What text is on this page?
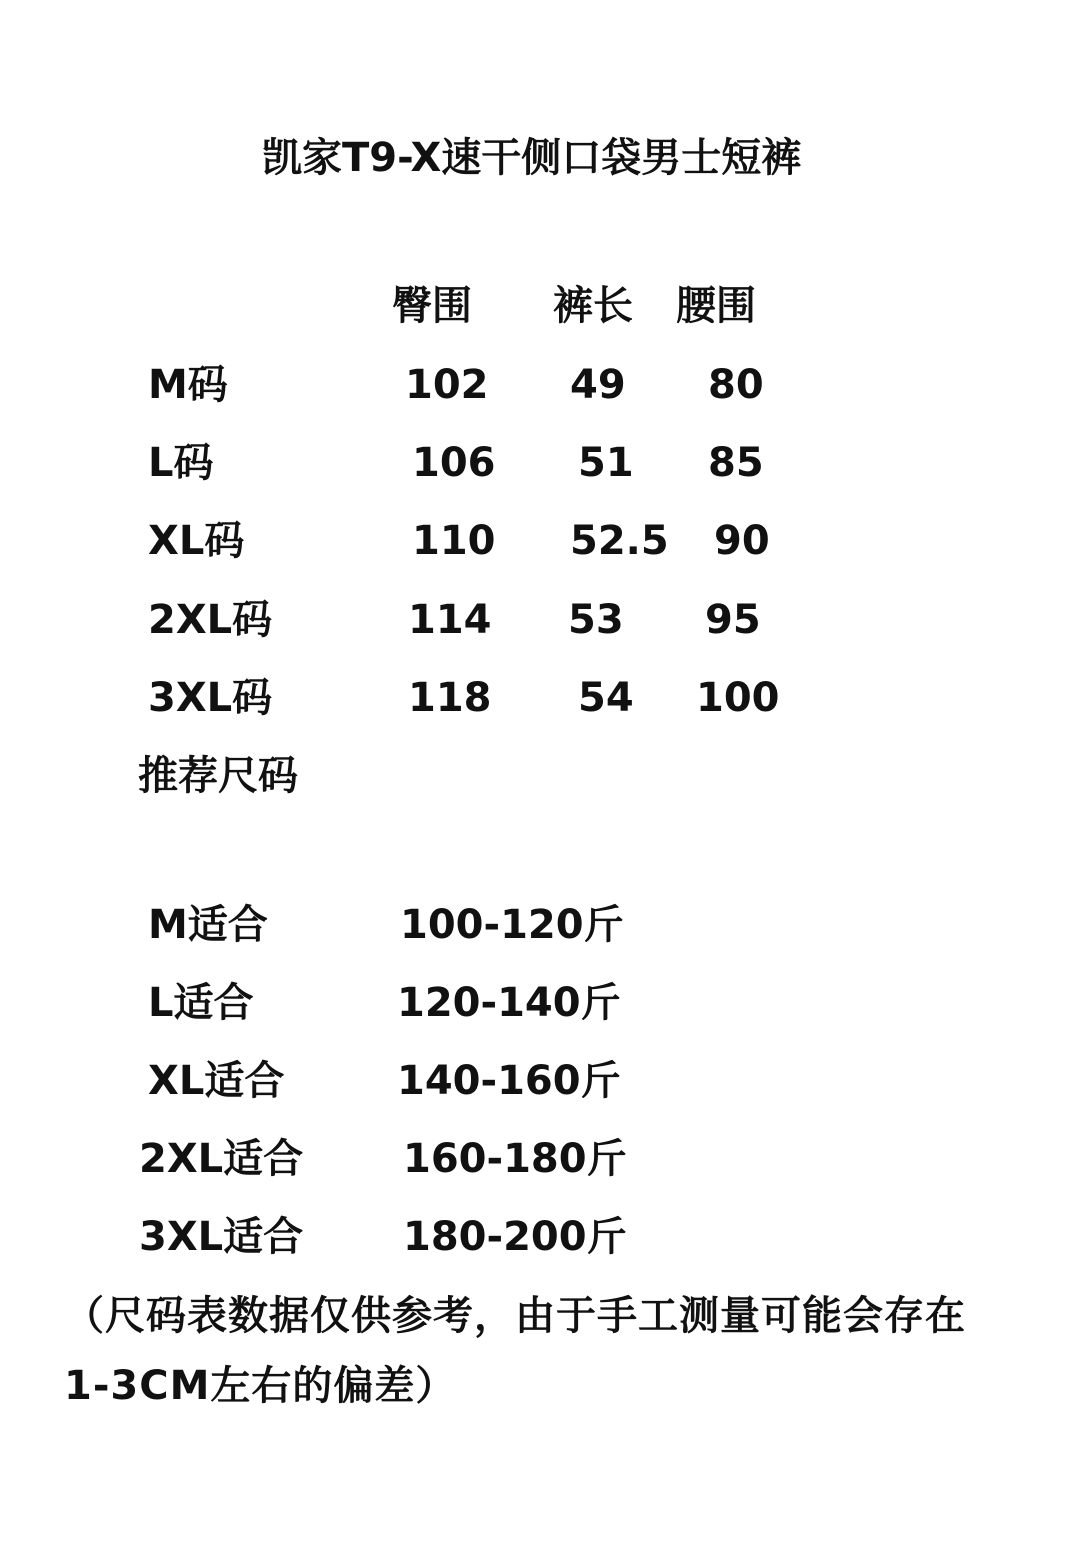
凯家T9-X速干侧口袋男士短裤
臀围 裤长 腰围
M码	102 49 80
L码	106 51 85
XL码	110 52.5 90
2XL码	114 53 95
3XL码	118 54 100
推荐尺码
M适合	100-120斤
L适合	120-140斤
XL适合	140-160斤
2XL适合 160-180斤
3XL适合 180-200斤
（尺码表数据仅供参考，由于手工测量可能会存在
1-3CM左右的偏差）
